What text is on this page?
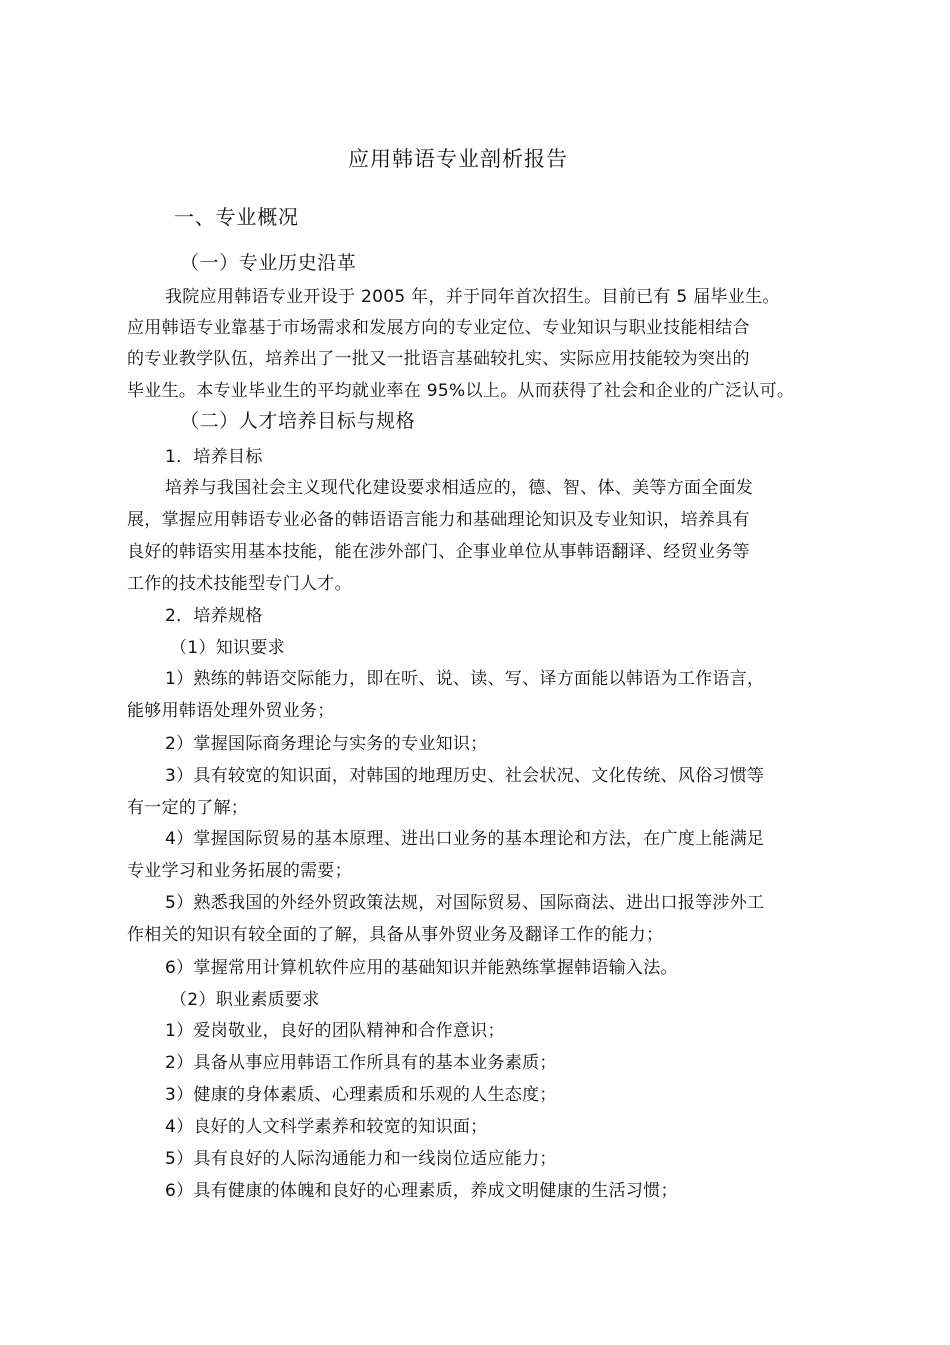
应用韩语专业剖析报告
一、专业概况
（一）专业历史沿革
我院应用韩语专业开设于 2005 年，并于同年首次招生。目前已有 5 届毕业生。
应用韩语专业靠基于市场需求和发展方向的专业定位、专业知识与职业技能相结合
的专业教学队伍，培养出了一批又一批语言基础较扎实、实际应用技能较为突出的
毕业生。本专业毕业生的平均就业率在 95%以上。从而获得了社会和企业的广泛认可。
（二）人才培养目标与规格
1．培养目标
培养与我国社会主义现代化建设要求相适应的，德、智、体、美等方面全面发
展，掌握应用韩语专业必备的韩语语言能力和基础理论知识及专业知识，培养具有
良好的韩语实用基本技能，能在涉外部门、企事业单位从事韩语翻译、经贸业务等
工作的技术技能型专门人才。
2．培养规格
（1）知识要求
1）熟练的韩语交际能力，即在听、说、读、写、译方面能以韩语为工作语言，
能够用韩语处理外贸业务；
2）掌握国际商务理论与实务的专业知识；
3）具有较宽的知识面，对韩国的地理历史、社会状况、文化传统、风俗习惯等
有一定的了解；
4）掌握国际贸易的基本原理、进出口业务的基本理论和方法，在广度上能满足
专业学习和业务拓展的需要；
5）熟悉我国的外经外贸政策法规，对国际贸易、国际商法、进出口报等涉外工
作相关的知识有较全面的了解，具备从事外贸业务及翻译工作的能力；
6）掌握常用计算机软件应用的基础知识并能熟练掌握韩语输入法。
（2）职业素质要求
1）爱岗敬业，良好的团队精神和合作意识；
2）具备从事应用韩语工作所具有的基本业务素质；
3）健康的身体素质、心理素质和乐观的人生态度；
4）良好的人文科学素养和较宽的知识面；
5）具有良好的人际沟通能力和一线岗位适应能力；
6）具有健康的体魄和良好的心理素质，养成文明健康的生活习惯；
